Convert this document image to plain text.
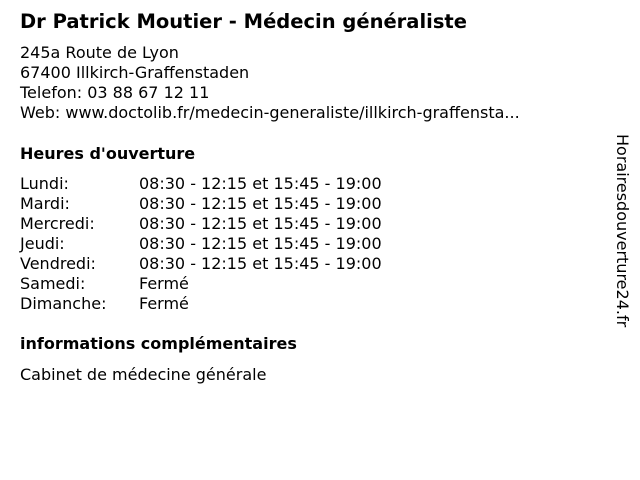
Dr Patrick Moutier - Médecin généraliste
245a Route de Lyon
67400 Illkirch-Graffenstaden
Telefon: 03 88 67 12 11
Web: www.doctolib.fr/medecin-generaliste/illkirch-graffensta...
Heures d'ouverture
Lundi:	08:30 - 12:15 et 15:45 - 19:00
Mardi:	08:30 - 12:15 et 15:45 - 19:00
Mercredi:	08:30 - 12:15 et 15:45 - 19:00
Jeudi:	08:30 - 12:15 et 15:45 - 19:00
Vendredi:	08:30 - 12:15 et 15:45 - 19:00
Samedi:	Fermé
Dimanche: Fermé
informations complémentaires
Cabinet de médecine générale
Horairesdouverture24.fr
